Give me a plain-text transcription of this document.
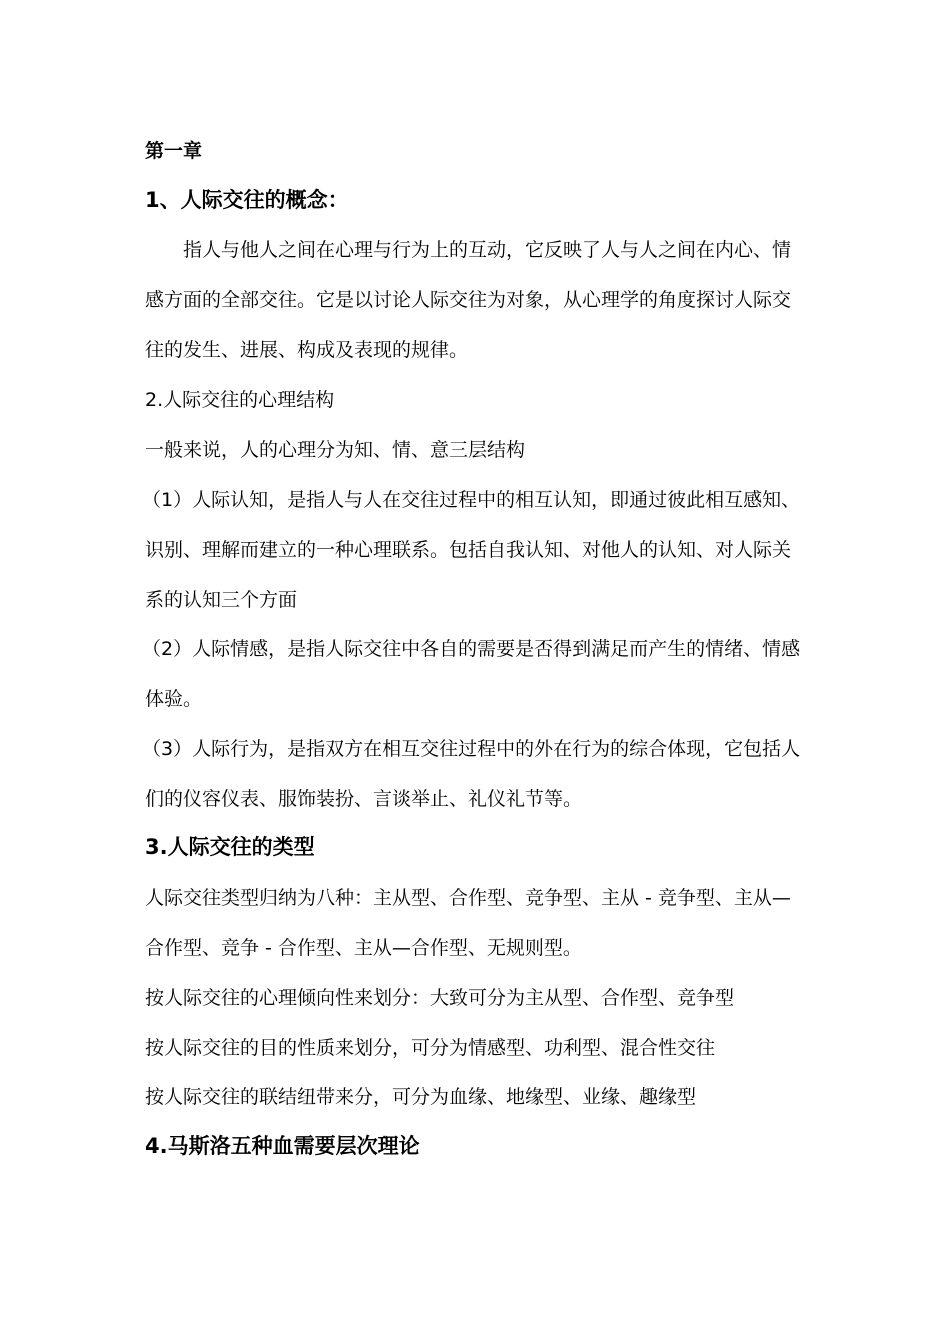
第一章
1、人际交往的概念：
指人与他人之间在心理与行为上的互动，它反映了人与人之间在内心、情
感方面的全部交往。它是以讨论人际交往为对象，从心理学的角度探讨人际交
往的发生、进展、构成及表现的规律。
2.人际交往的心理结构
一般来说，人的心理分为知、情、意三层结构
（1）人际认知，是指人与人在交往过程中的相互认知，即通过彼此相互感知、
识别、理解而建立的一种心理联系。包括自我认知、对他人的认知、对人际关
系的认知三个方面
（2）人际情感，是指人际交往中各自的需要是否得到满足而产生的情绪、情感
体验。
（3）人际行为，是指双方在相互交往过程中的外在行为的综合体现，它包括人
们的仪容仪表、服饰装扮、言谈举止、礼仪礼节等。
3.人际交往的类型
人际交往类型归纳为八种：主从型、合作型、竞争型、主从 - 竞争型、主从—
合作型、竞争 - 合作型、主从—合作型、无规则型。
按人际交往的心理倾向性来划分：大致可分为主从型、合作型、竞争型
按人际交往的目的性质来划分，可分为情感型、功利型、混合性交往
按人际交往的联结纽带来分，可分为血缘、地缘型、业缘、趣缘型
4.马斯洛五种血需要层次理论
